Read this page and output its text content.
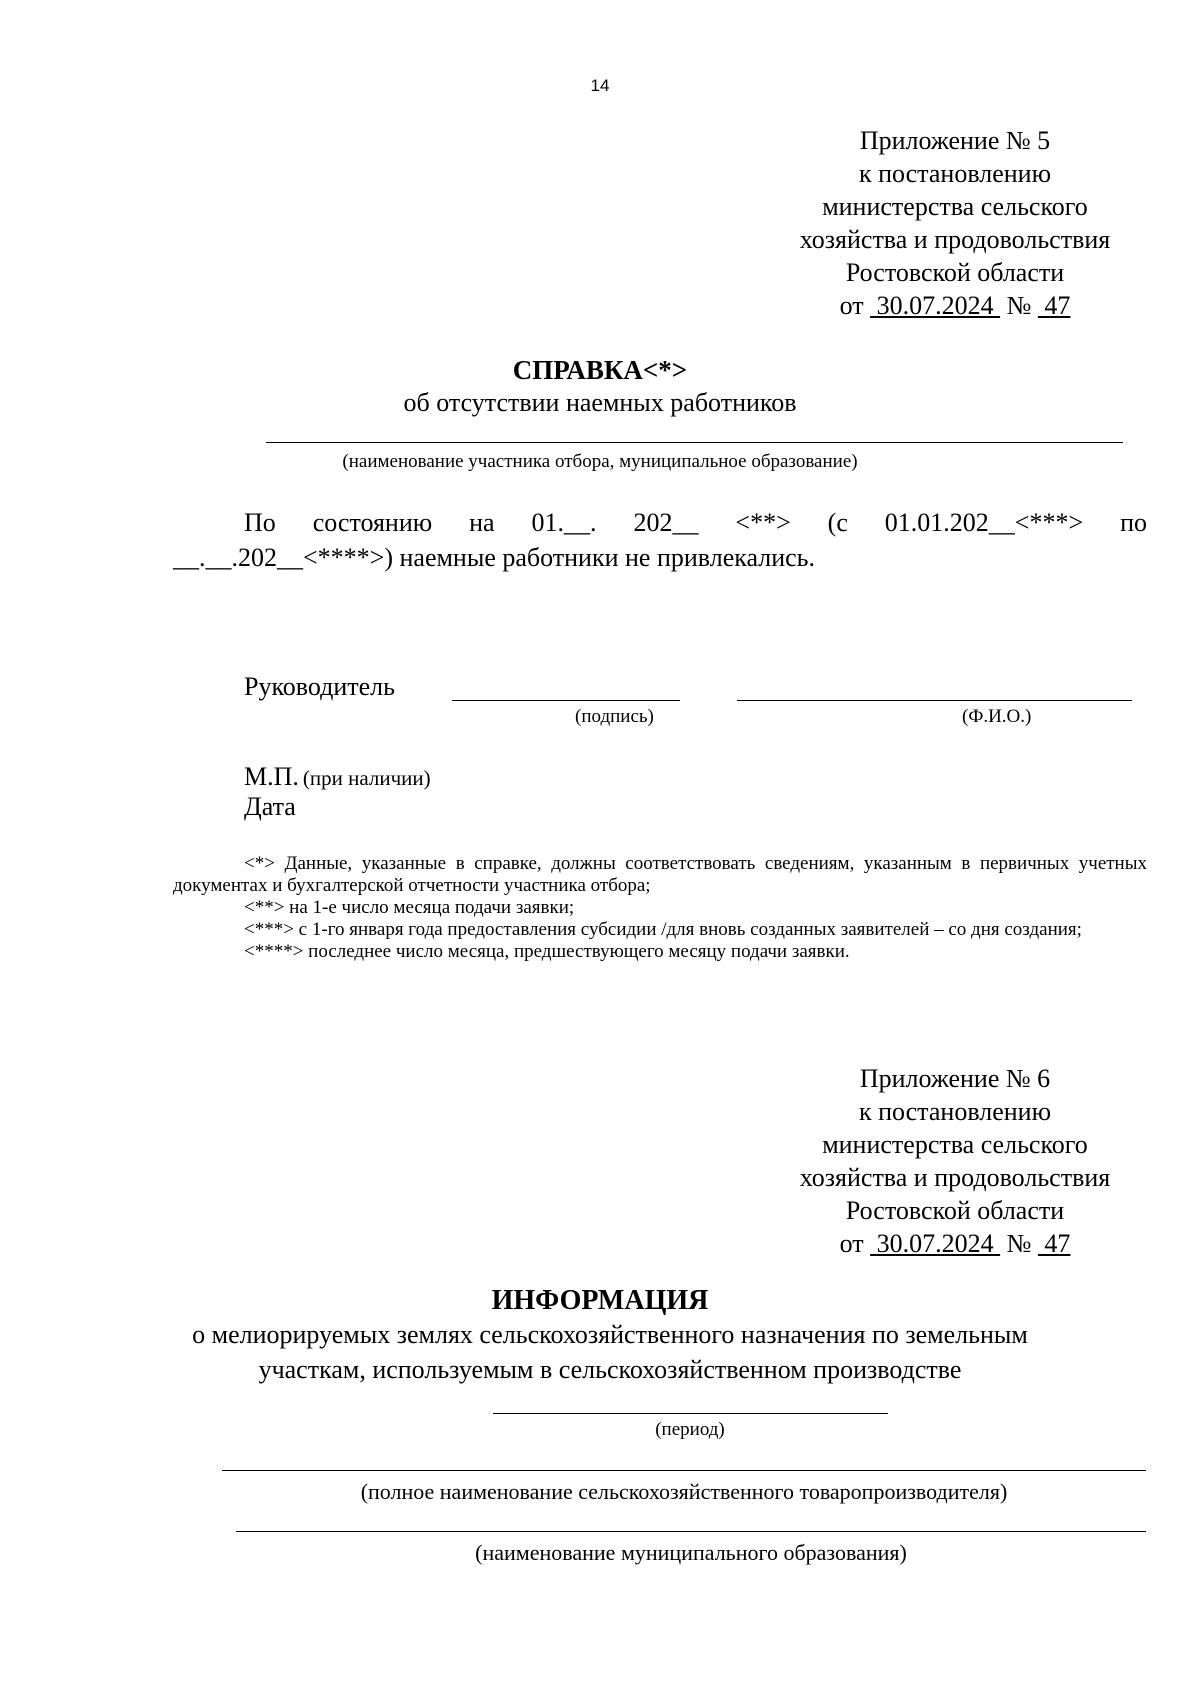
14
Приложение № 5
к постановлению
министерства сельского
хозяйства и продовольствия
Ростовской области
от 30.07.2024 № 47
СПРАВКА<*>
об отсутствии наемных работников
(наименование участника отбора, муниципальное образование)
По состоянию на 01.__. 202__ <**> (с 01.01.202__<***> по
__.__.202__<****>) наемные работники не привлекались.
Руководитель
(подпись)	(Ф.И.О.)
М.П. (при наличии)
Дата

<*> Данные, указанные в справке, должны соответствовать сведениям, указанным в первичных учетных документах и бухгалтерской отчетности участника отбора;

<**> на 1-е число месяца подачи заявки;

<***> с 1-го января года предоставления субсидии /для вновь созданных заявителей – со дня создания;

<****> последнее число месяца, предшествующего месяцу подачи заявки.

Приложение № 6
к постановлению
министерства сельского
хозяйства и продовольствия
Ростовской области
от 30.07.2024 № 47
ИНФОРМАЦИЯ
о мелиорируемых землях сельскохозяйственного назначения по земельным
участкам, используемым в сельскохозяйственном производстве
(период)
(полное наименование сельскохозяйственного товаропроизводителя)
(наименование муниципального образования)
